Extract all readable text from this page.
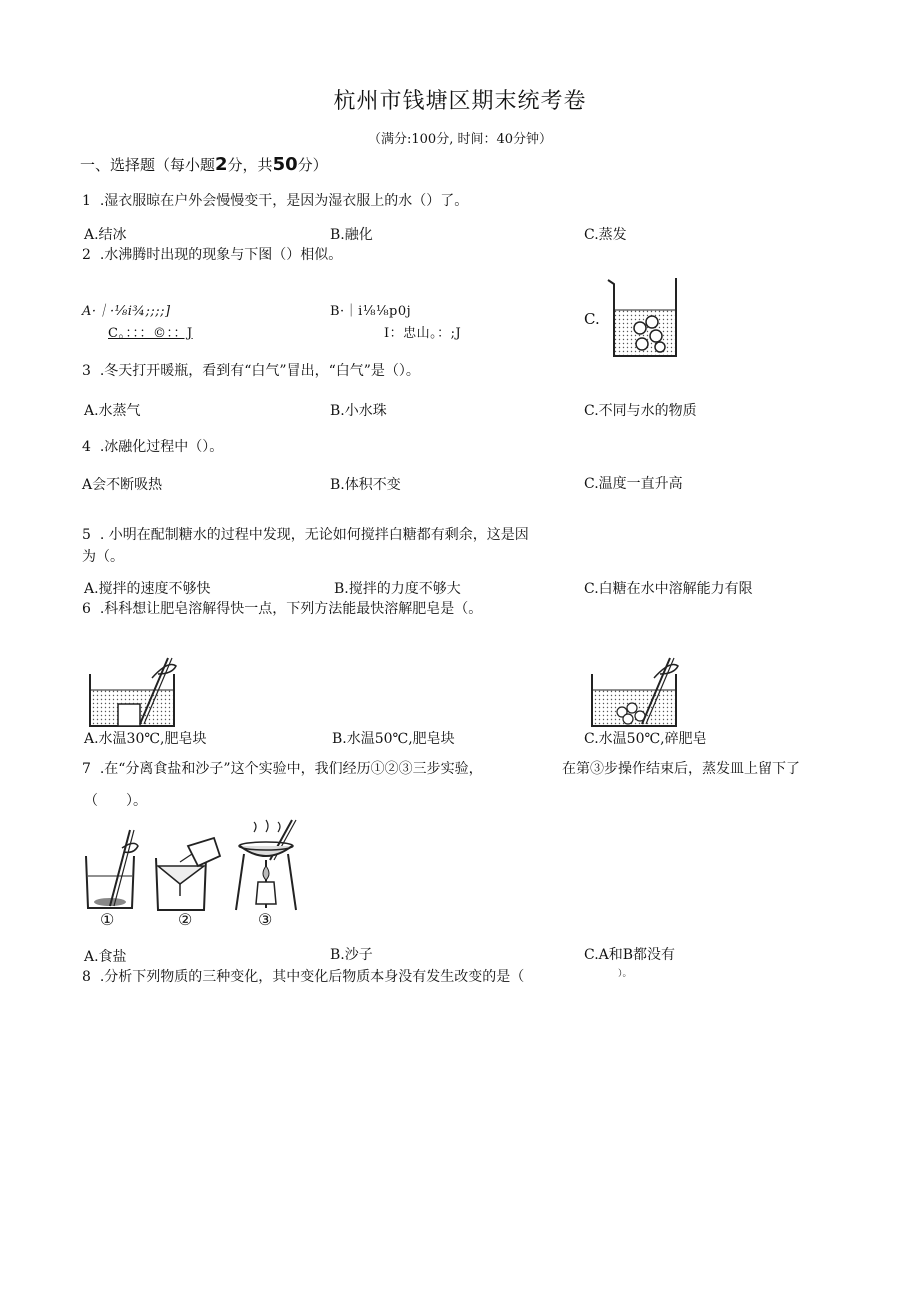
杭州市钱塘区期末统考卷
（满分:100分, 时间：40分钟）
一、选择题（每小题2分，共50分）
1 .湿衣服晾在户外会慢慢变干，是因为湿衣服上的水（）了。
A.结冰	B.融化	C.蒸发
2 .水沸腾时出现的现象与下图（）相似。
A·｜·⅛i¾;;;;]
C。：：：©：：J
B·｜i⅛⅛p0j
I：忠山。：;J
C.
3 .冬天打开暖瓶，看到有“白气”冒出，“白气”是（）。
A.水蒸气	B.小水珠	C.不同与水的物质
4 .冰融化过程中（）。
A会不断吸热	B.体积不变	C.温度一直升高
5 . 小明在配制糖水的过程中发现，无论如何搅拌白糖都有剩余，这是因
为（。
A.搅拌的速度不够快	B.搅拌的力度不够大	C.白糖在水中溶解能力有限
6 .科科想让肥皂溶解得快一点，下列方法能最快溶解肥皂是（。
A.水温30℃,肥皂块	B.水温50℃,肥皂块	C.水温50℃,碎肥皂
7 .在“分离食盐和沙子”这个实验中，我们经历①②③三步实验，	在第③步操作结束后，蒸发皿上留下了
（　　）。
①	②	③
A.食盐	B.沙子	C.A和B都没有
8 .分析下列物质的三种变化，其中变化后物质本身没有发生改变的是（	）。
